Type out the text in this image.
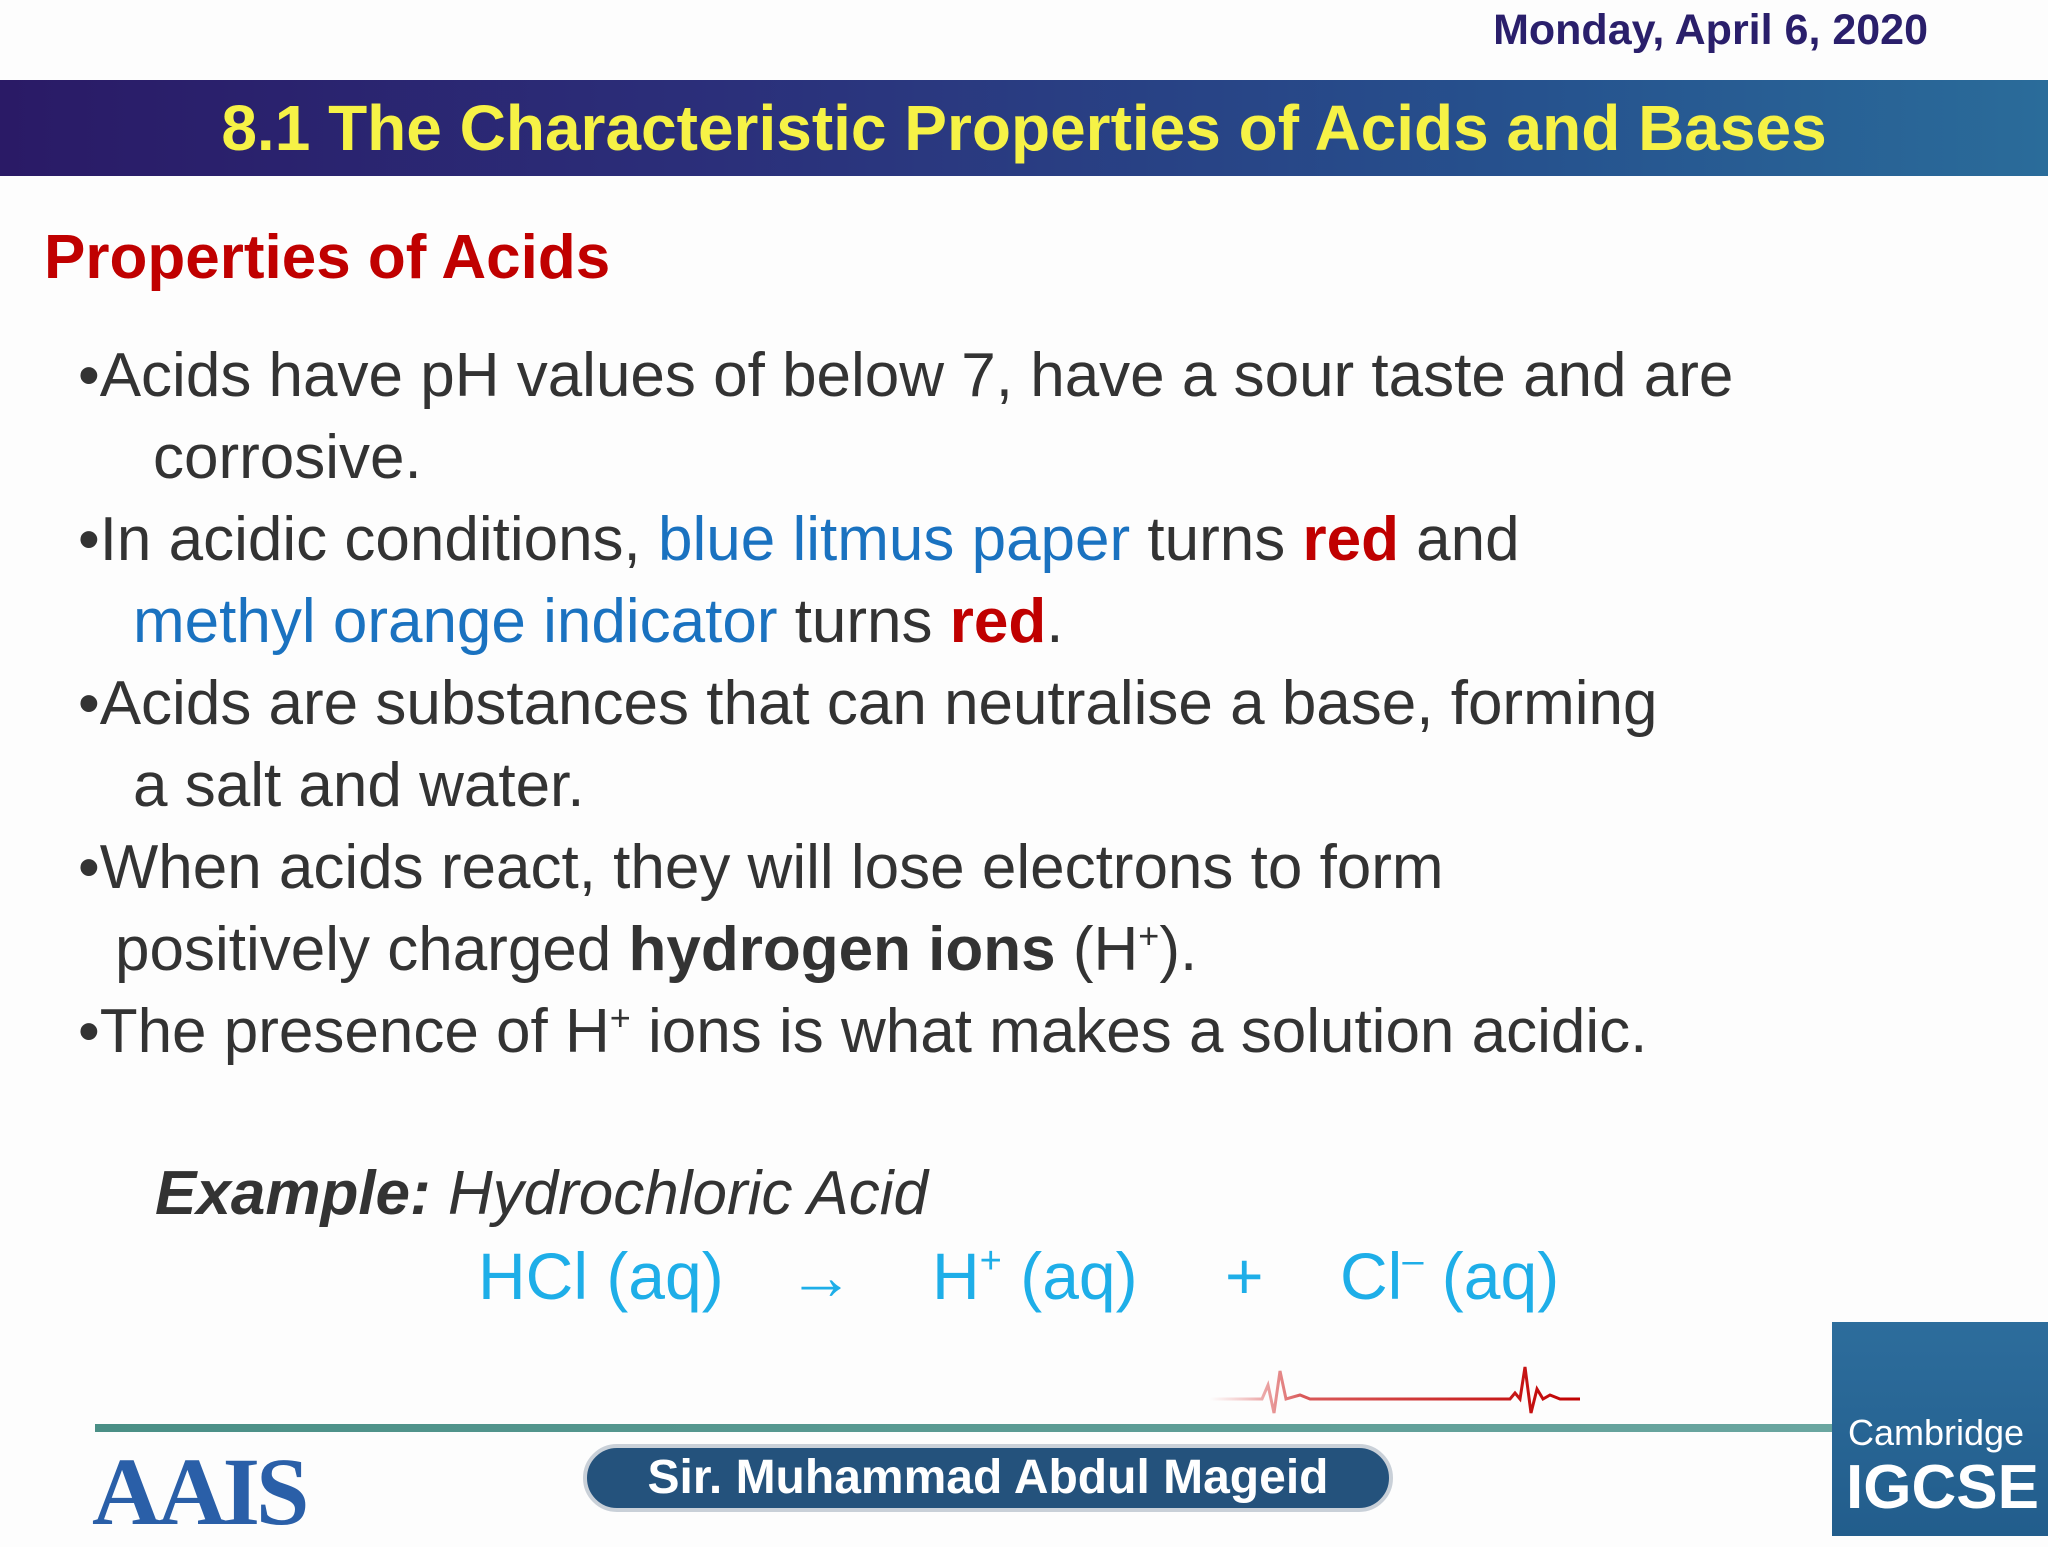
Monday, April 6, 2020
8.1 The Characteristic Properties of Acids and Bases
Properties of Acids
•Acids have pH values of below 7, have a sour taste and are
corrosive.
•In acidic conditions, blue litmus paper turns red and
methyl orange indicator turns red.
•Acids are substances that can neutralise a base, forming
a salt and water.
•When acids react, they will lose electrons to form
positively charged hydrogen ions (H+).
•The presence of H+ ions is what makes a solution acidic.
Example: Hydrochloric Acid
HCl (aq) → H+ (aq) + Cl– (aq)
AAIS	Sir. Muhammad Abdul Mageid
Cambridge
IGCSE
